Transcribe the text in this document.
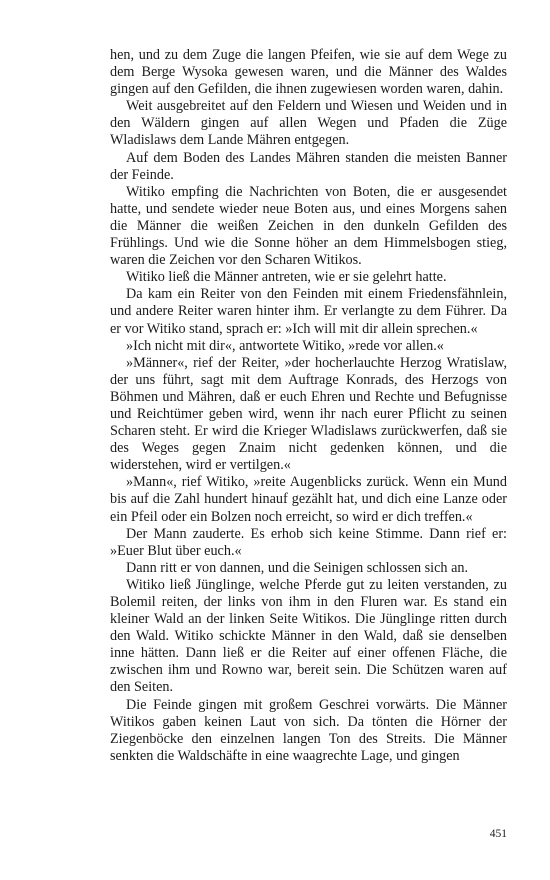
hen, und zu dem Zuge die langen Pfeifen, wie sie auf dem Wege zu dem Berge Wysoka gewesen waren, und die Männer des Waldes gingen auf den Gefilden, die ihnen zugewiesen worden waren, dahin.

Weit ausgebreitet auf den Feldern und Wiesen und Weiden und in den Wäldern gingen auf allen Wegen und Pfaden die Züge Wladislaws dem Lande Mähren entgegen.

Auf dem Boden des Landes Mähren standen die meisten Banner der Feinde.

Witiko empfing die Nachrichten von Boten, die er ausgesendet hatte, und sendete wieder neue Boten aus, und eines Morgens sahen die Männer die weißen Zeichen in den dunkeln Gefilden des Frühlings. Und wie die Sonne höher an dem Himmelsbogen stieg, waren die Zeichen vor den Scharen Witikos.

Witiko ließ die Männer antreten, wie er sie gelehrt hatte.

Da kam ein Reiter von den Feinden mit einem Friedensfähnlein, und andere Reiter waren hinter ihm. Er verlangte zu dem Führer. Da er vor Witiko stand, sprach er: »Ich will mit dir allein sprechen.«

»Ich nicht mit dir«, antwortete Witiko, »rede vor allen.«

»Männer«, rief der Reiter, »der hocherlauchte Herzog Wratislaw, der uns führt, sagt mit dem Auftrage Konrads, des Herzogs von Böhmen und Mähren, daß er euch Ehren und Rechte und Befugnisse und Reichtümer geben wird, wenn ihr nach eurer Pflicht zu seinen Scharen steht. Er wird die Krieger Wladislaws zurückwerfen, daß sie des Weges gegen Znaim nicht gedenken können, und die widerstehen, wird er vertilgen.«

»Mann«, rief Witiko, »reite Augenblicks zurück. Wenn ein Mund bis auf die Zahl hundert hinauf gezählt hat, und dich eine Lanze oder ein Pfeil oder ein Bolzen noch erreicht, so wird er dich treffen.«

Der Mann zauderte. Es erhob sich keine Stimme. Dann rief er: »Euer Blut über euch.«

Dann ritt er von dannen, und die Seinigen schlossen sich an.

Witiko ließ Jünglinge, welche Pferde gut zu leiten verstanden, zu Bolemil reiten, der links von ihm in den Fluren war. Es stand ein kleiner Wald an der linken Seite Witikos. Die Jünglinge ritten durch den Wald. Witiko schickte Männer in den Wald, daß sie denselben inne hätten. Dann ließ er die Reiter auf einer offenen Fläche, die zwischen ihm und Rowno war, bereit sein. Die Schützen waren auf den Seiten.

Die Feinde gingen mit großem Geschrei vorwärts. Die Männer Witikos gaben keinen Laut von sich. Da tönten die Hörner der Ziegenböcke den einzelnen langen Ton des Streits. Die Männer senkten die Waldschäfte in eine waagrechte Lage, und gingen

451
